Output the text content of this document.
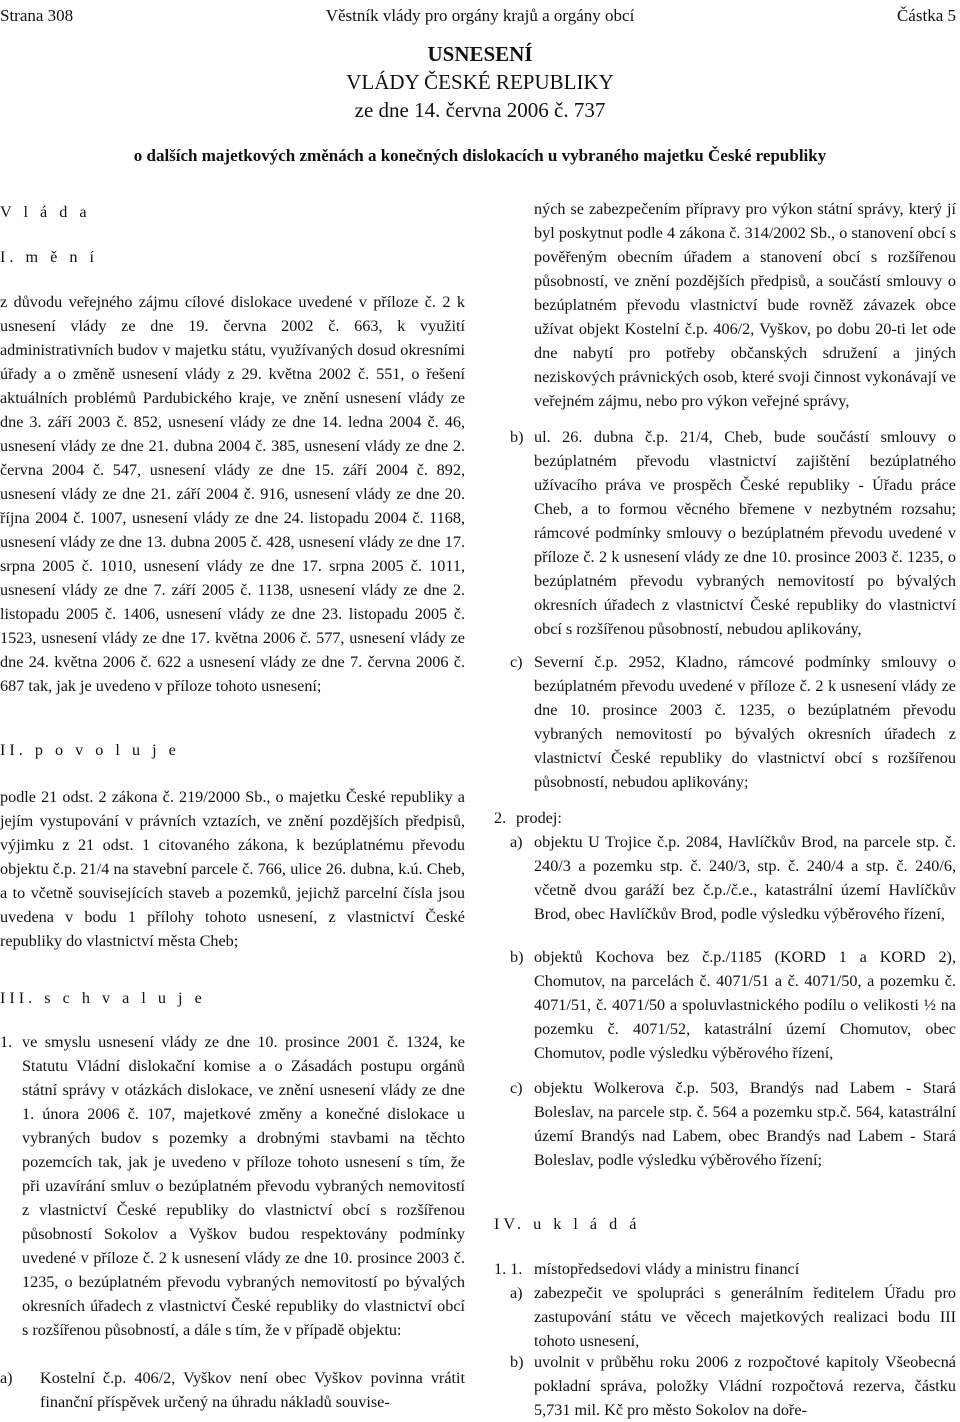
Strana 308	Věstník vlády pro orgány krajů a orgány obcí	Částka 5
USNESENÍ
VLÁDY ČESKÉ REPUBLIKY
ze dne 14. června 2006 č. 737
o dalších majetkových změnách a konečných dislokacích u vybraného majetku České republiky
V l á d a
I. m ě n í
z důvodu veřejného zájmu cílové dislokace uvedené v příloze č. 2 k usnesení vlády ze dne 19. června 2002 č. 663, k využití administrativních budov v majetku státu, využívaných dosud okresními úřady a o změně usnesení vlády z 29. května 2002 č. 551, o řešení aktuálních problémů Pardubického kraje, ve znění usnesení vlády ze dne 3. září 2003 č. 852, usnesení vlády ze dne 14. ledna 2004 č. 46, usnesení vlády ze dne 21. dubna 2004 č. 385, usnesení vlády ze dne 2. června 2004 č. 547, usnesení vlády ze dne 15. září 2004 č. 892, usnesení vlády ze dne 21. září 2004 č. 916, usnesení vlády ze dne 20. října 2004 č. 1007, usnesení vlády ze dne 24. listopadu 2004 č. 1168, usnesení vlády ze dne 13. dubna 2005 č. 428, usnesení vlády ze dne 17. srpna 2005 č. 1010, usnesení vlády ze dne 17. srpna 2005 č. 1011, usnesení vlády ze dne 7. září 2005 č. 1138, usnesení vlády ze dne 2. listopadu 2005 č. 1406, usnesení vlády ze dne 23. listopadu 2005 č. 1523, usnesení vlády ze dne 17. května 2006 č. 577, usnesení vlády ze dne 24. května 2006 č. 622 a usnesení vlády ze dne 7. června 2006 č. 687 tak, jak je uvedeno v příloze tohoto usnesení;
II. p o v o l u j e
podle 21 odst. 2 zákona č. 219/2000 Sb., o majetku České republiky a jejím vystupování v právních vztazích, ve znění pozdějších předpisů, výjimku z 21 odst. 1 citovaného zákona, k bezúplatnému převodu objektu č.p. 21/4 na stavební parcele č. 766, ulice 26. dubna, k.ú. Cheb, a to včetně souvisejících staveb a pozemků, jejichž parcelní čísla jsou uvedena v bodu 1 přílohy tohoto usnesení, z vlastnictví České republiky do vlastnictví města Cheb;
III. s c h v a l u j e
1. ve smyslu usnesení vlády ze dne 10. prosince 2001 č. 1324, ke Statutu Vládní dislokační komise a o Zásadách postupu orgánů státní správy v otázkách dislokace, ve znění usnesení vlády ze dne 1. února 2006 č. 107, majetkové změny a konečné dislokace u vybraných budov s pozemky a drobnými stavbami na těchto pozemcích tak, jak je uvedeno v příloze tohoto usnesení s tím, že při uzavírání smluv o bezúplatném převodu vybraných nemovitostí z vlastnictví České republiky do vlastnictví obcí s rozšířenou působností Sokolov a Vyškov budou respektovány podmínky uvedené v příloze č. 2 k usnesení vlády ze dne 10. prosince 2003 č. 1235, o bezúplatném převodu vybraných nemovitostí po bývalých okresních úřadech z vlastnictví České republiky do vlastnictví obcí s rozšířenou působností, a dále s tím, že v případě objektu:
a) Kostelní č.p. 406/2, Vyškov není obec Vyškov povinna vrátit finanční příspěvek určený na úhradu nákladů souvise-
ných se zabezpečením přípravy pro výkon státní správy, který jí byl poskytnut podle 4 zákona č. 314/2002 Sb., o stanovení obcí s pověřeným obecním úřadem a stanovení obcí s rozšířenou působností, ve znění pozdějších předpisů, a součástí smlouvy o bezúplatném převodu vlastnictví bude rovněž závazek obce užívat objekt Kostelní č.p. 406/2, Vyškov, po dobu 20-ti let ode dne nabytí pro potřeby občanských sdružení a jiných neziskových právnických osob, které svoji činnost vykonávají ve veřejném zájmu, nebo pro výkon veřejné správy,
b) ul. 26. dubna č.p. 21/4, Cheb, bude součástí smlouvy o bezúplatném převodu vlastnictví zajištění bezúplatného užívacího práva ve prospěch České republiky - Úřadu práce Cheb, a to formou věcného břemene v nezbytném rozsahu; rámcové podmínky smlouvy o bezúplatném převodu uvedené v příloze č. 2 k usnesení vlády ze dne 10. prosince 2003 č. 1235, o bezúplatném převodu vybraných nemovitostí po bývalých okresních úřadech z vlastnictví České republiky do vlastnictví obcí s rozšířenou působností, nebudou aplikovány,
c) Severní č.p. 2952, Kladno, rámcové podmínky smlouvy o bezúplatném převodu uvedené v příloze č. 2 k usnesení vlády ze dne 10. prosince 2003 č. 1235, o bezúplatném převodu vybraných nemovitostí po bývalých okresních úřadech z vlastnictví České republiky do vlastnictví obcí s rozšířenou působností, nebudou aplikovány;
2. prodej:
a) objektu U Trojice č.p. 2084, Havlíčkův Brod, na parcele stp. č. 240/3 a pozemku stp. č. 240/3, stp. č. 240/4 a stp. č. 240/6, včetně dvou garáží bez č.p./č.e., katastrální území Havlíčkův Brod, obec Havlíčkův Brod, podle výsledku výběrového řízení,
b) objektů Kochova bez č.p./1185 (KORD 1 a KORD 2), Chomutov, na parcelách č. 4071/51 a č. 4071/50, a pozemku č. 4071/51, č. 4071/50 a spoluvlastnického podílu o velikosti ½ na pozemku č. 4071/52, katastrální území Chomutov, obec Chomutov, podle výsledku výběrového řízení,
c) objektu Wolkerova č.p. 503, Brandýs nad Labem - Stará Boleslav, na parcele stp. č. 564 a pozemku stp.č. 564, katastrální území Brandýs nad Labem, obec Brandýs nad Labem - Stará Boleslav, podle výsledku výběrového řízení;
IV. u k l á d á
1. 1. místopředsedovi vlády a ministru financí
a) zabezpečit ve spolupráci s generálním ředitelem Úřadu pro zastupování státu ve věcech majetkových realizaci bodu III tohoto usnesení,
b) uvolnit v průběhu roku 2006 z rozpočtové kapitoly Všeobecná pokladní správa, položky Vládní rozpočtová rezerva, částku 5,731 mil. Kč pro město Sokolov na doře-
